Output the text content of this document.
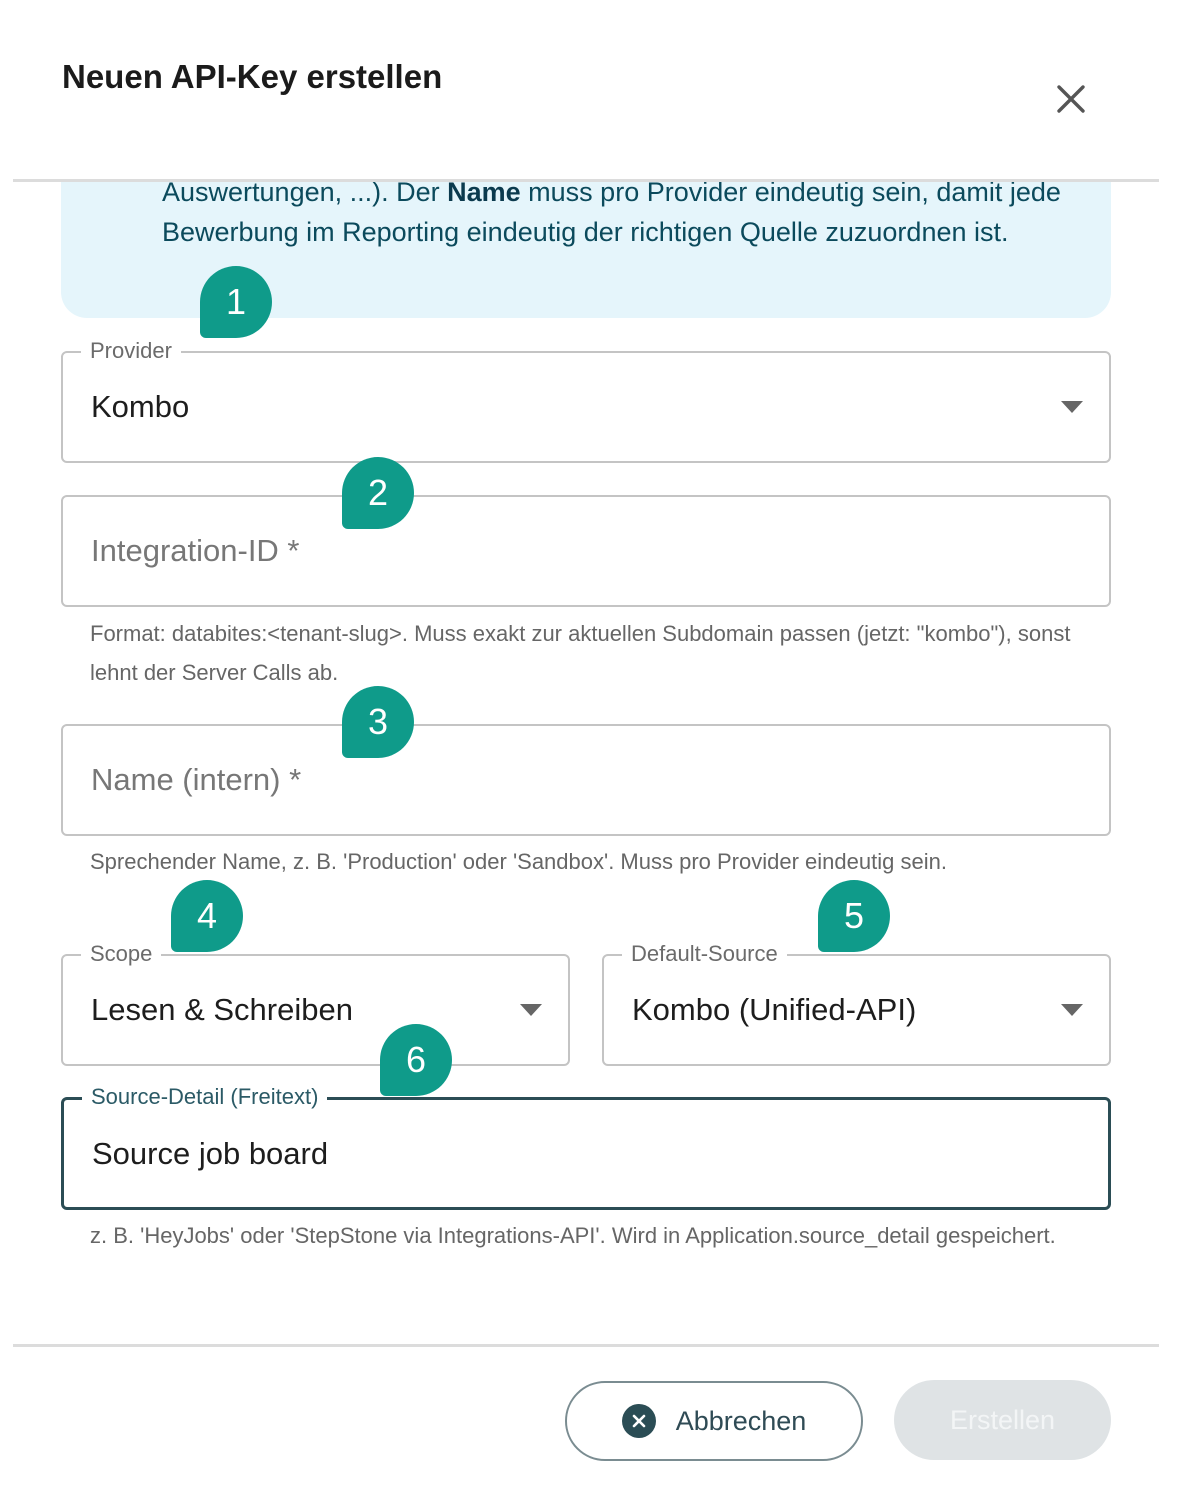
Neuen API-Key erstellen
Auswertungen, ...). Der Name muss pro Provider eindeutig sein, damit jede Bewerbung im Reporting eindeutig der richtigen Quelle zuzuordnen ist.
Provider
Kombo
Integration-ID *
Format: databites:<tenant-slug>. Muss exakt zur aktuellen Subdomain passen (jetzt: "kombo"), sonst lehnt der Server Calls ab.
Name (intern) *
Sprechender Name, z. B. 'Production' oder 'Sandbox'. Muss pro Provider eindeutig sein.
Scope
Lesen & Schreiben
Default-Source
Kombo (Unified-API)
Source-Detail (Freitext)
Source job board
z. B. 'HeyJobs' oder 'StepStone via Integrations-API'. Wird in Application.source_detail gespeichert.
1
2
3
4	5
6
Abbrechen	Erstellen
